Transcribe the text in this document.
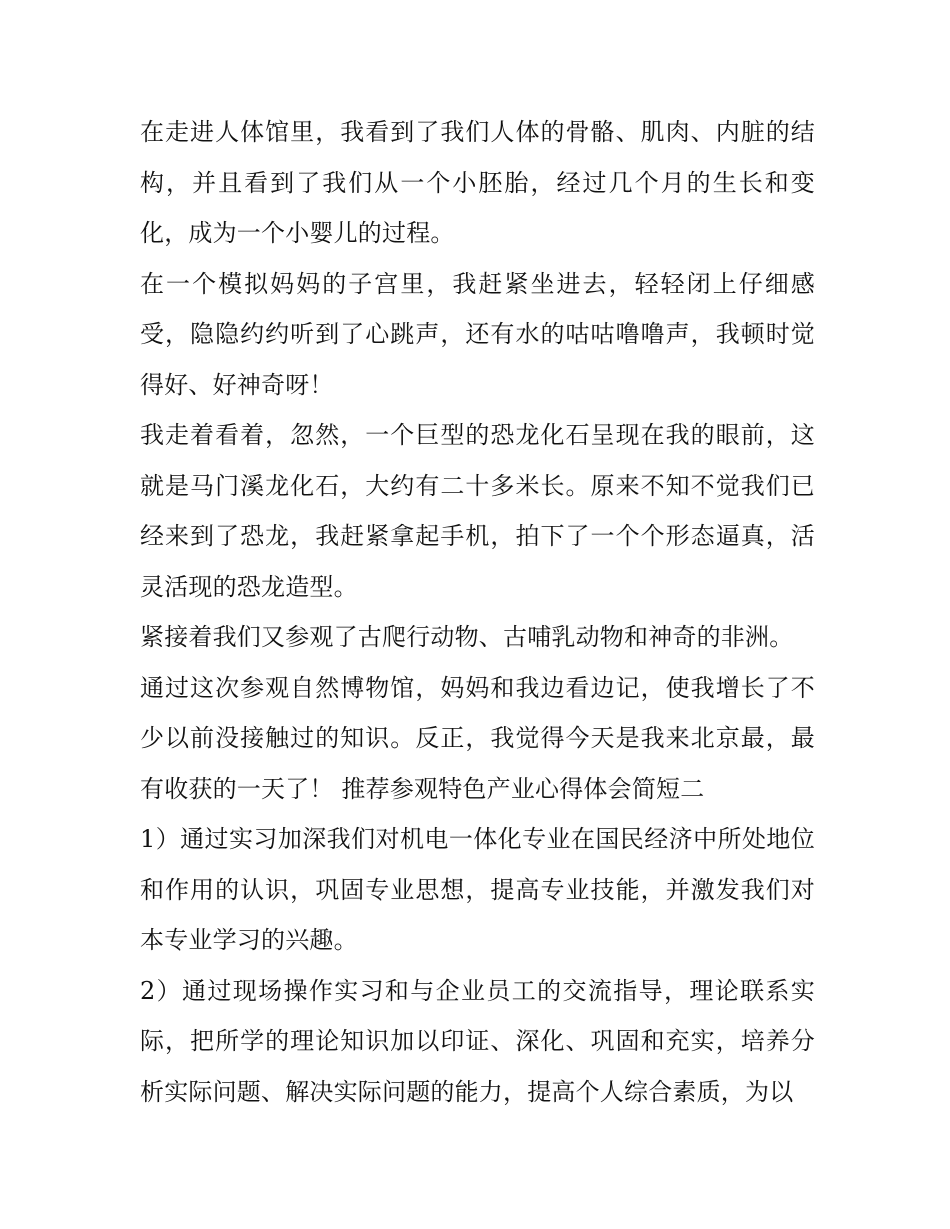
在走进人体馆里，我看到了我们人体的骨骼、肌肉、内脏的结构，并且看到了我们从一个小胚胎，经过几个月的生长和变化，成为一个小婴儿的过程。

在一个模拟妈妈的子宫里，我赶紧坐进去，轻轻闭上仔细感受，隐隐约约听到了心跳声，还有水的咕咕噜噜声，我顿时觉得好、好神奇呀！

我走着看着，忽然，一个巨型的恐龙化石呈现在我的眼前，这就是马门溪龙化石，大约有二十多米长。原来不知不觉我们已经来到了恐龙，我赶紧拿起手机，拍下了一个个形态逼真，活灵活现的恐龙造型。

紧接着我们又参观了古爬行动物、古哺乳动物和神奇的非洲。

通过这次参观自然博物馆，妈妈和我边看边记，使我增长了不少以前没接触过的知识。反正，我觉得今天是我来北京最，最有收获的一天了！ 推荐参观特色产业心得体会简短二

1）通过实习加深我们对机电一体化专业在国民经济中所处地位和作用的认识，巩固专业思想，提高专业技能，并激发我们对本专业学习的兴趣。

2）通过现场操作实习和与企业员工的交流指导，理论联系实际，把所学的理论知识加以印证、深化、巩固和充实，培养分析实际问题、解决实际问题的能力，提高个人综合素质，为以
